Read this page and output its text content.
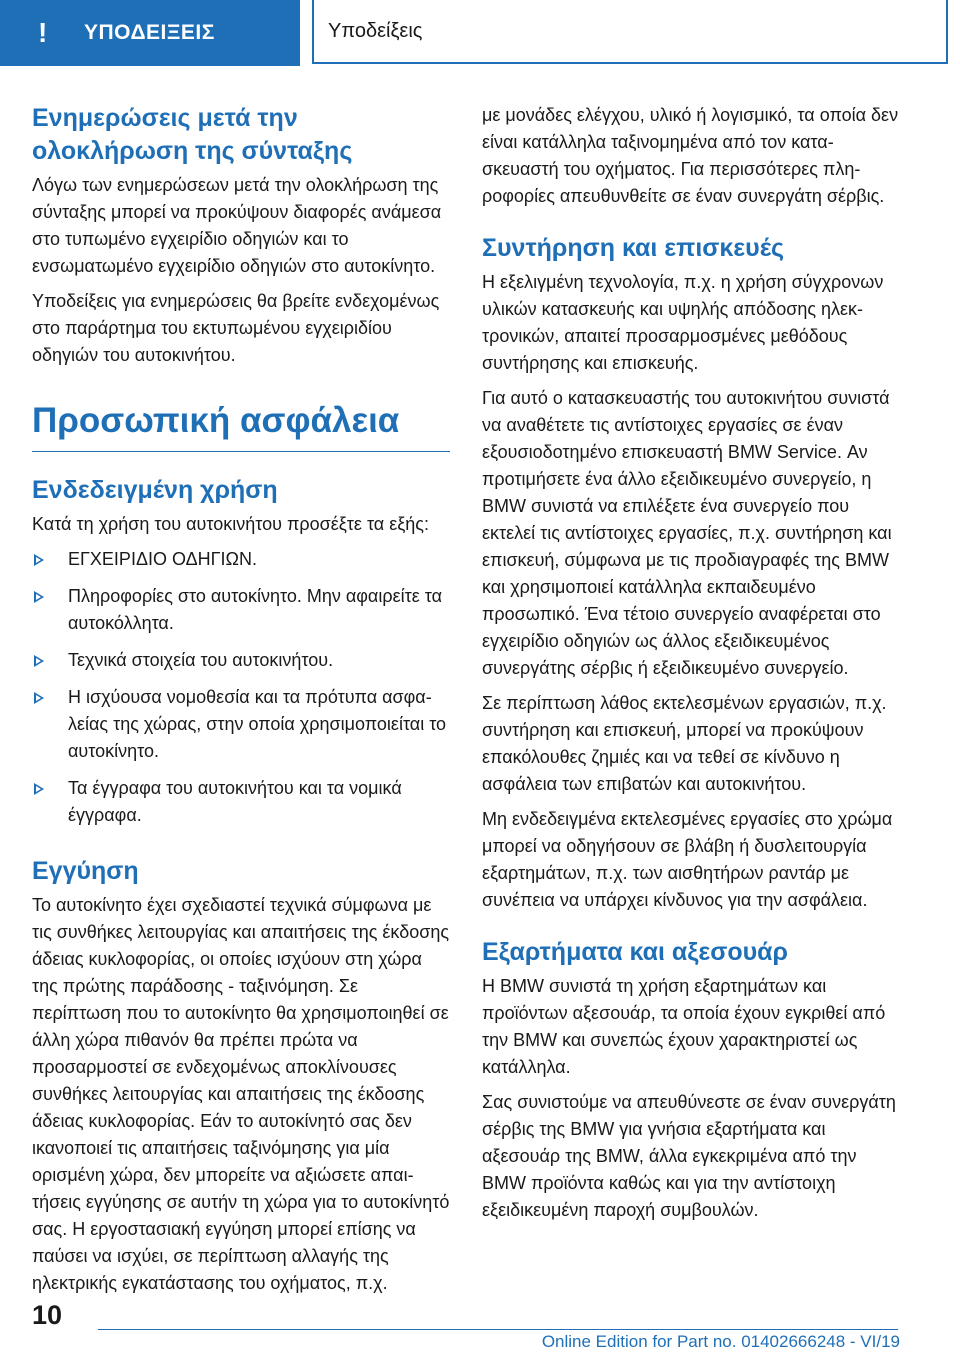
!	ΥΠΟΔΕΙΞΕΙΣ	Υποδείξεις
Ενημερώσεις μετά την ολοκλήρωση της σύνταξης

Λόγω των ενημερώσεων μετά την ολοκλήρωση της σύνταξης μπορεί να προκύψουν διαφορές ανάμεσα στο τυπωμένο εγχειρίδιο οδηγιών και το ενσωματωμένο εγχειρίδιο οδηγιών στο αυτοκίνητο.

Υποδείξεις για ενημερώσεις θα βρείτε ενδεχομένως στο παράρτημα του εκτυπωμένου εγχειριδίου οδηγιών του αυτοκινήτου.

Προσωπική ασφάλεια
Ενδεδειγμένη χρήση

Κατά τη χρήση του αυτοκινήτου προσέξτε τα εξής:

ΕΓΧΕΙΡΙΔΙΟ ΟΔΗΓΙΩΝ.
Πληροφορίες στο αυτοκίνητο. Μην αφαιρείτε τα αυτοκόλλητα.
Τεχνικά στοιχεία του αυτοκινήτου.
Η ισχύουσα νομοθεσία και τα πρότυπα ασφαλείας της χώρας, στην οποία χρησιμοποιείται το αυτοκίνητο.
Τα έγγραφα του αυτοκινήτου και τα νομικά έγγραφα.
Εγγύηση

Το αυτοκίνητο έχει σχεδιαστεί τεχνικά σύμφωνα με τις συνθήκες λειτουργίας και απαιτήσεις της έκδοσης άδειας κυκλοφορίας, οι οποίες ισχύουν στη χώρα της πρώτης παράδοσης - ταξινόμηση. Σε περίπτωση που το αυτοκίνητο θα χρησιμοποιηθεί σε άλλη χώρα πιθανόν θα πρέπει πρώτα να προσαρμοστεί σε ενδεχομένως αποκλίνουσες συνθήκες λειτουργίας και απαιτήσεις της έκδοσης άδειας κυκλοφορίας. Εάν το αυτοκίνητό σας δεν ικανοποιεί τις απαιτήσεις ταξινόμησης για μία ορισμένη χώρα, δεν μπορείτε να αξιώσετε απαιτήσεις εγγύησης σε αυτήν τη χώρα για το αυτοκίνητό σας. Η εργοστασιακή εγγύηση μπορεί επίσης να παύσει να ισχύει, σε περίπτωση αλλαγής της ηλεκτρικής εγκατάστασης του οχήματος, π.χ.

με μονάδες ελέγχου, υλικό ή λογισμικό, τα οποία δεν είναι κατάλληλα ταξινομημένα από τον κατασκευαστή του οχήματος. Για περισσότερες πληροφορίες απευθυνθείτε σε έναν συνεργάτη σέρβις.

Συντήρηση και επισκευές

Η εξελιγμένη τεχνολογία, π.χ. η χρήση σύγχρονων υλικών κατασκευής και υψηλής απόδοσης ηλεκτρονικών, απαιτεί προσαρμοσμένες μεθόδους συντήρησης και επισκευής.

Για αυτό ο κατασκευαστής του αυτοκινήτου συνιστά να αναθέτετε τις αντίστοιχες εργασίες σε έναν εξουσιοδοτημένο επισκευαστή BMW Service. Αν προτιμήσετε ένα άλλο εξειδικευμένο συνεργείο, η BMW συνιστά να επιλέξετε ένα συνεργείο που εκτελεί τις αντίστοιχες εργασίες, π.χ. συντήρηση και επισκευή, σύμφωνα με τις προδιαγραφές της BMW και χρησιμοποιεί κατάλληλα εκπαιδευμένο προσωπικό. Ένα τέτοιο συνεργείο αναφέρεται στο εγχειρίδιο οδηγιών ως άλλος εξειδικευμένος συνεργάτης σέρβις ή εξειδικευμένο συνεργείο.

Σε περίπτωση λάθος εκτελεσμένων εργασιών, π.χ. συντήρηση και επισκευή, μπορεί να προκύψουν επακόλουθες ζημιές και να τεθεί σε κίνδυνο η ασφάλεια των επιβατών και αυτοκινήτου.

Μη ενδεδειγμένα εκτελεσμένες εργασίες στο χρώμα μπορεί να οδηγήσουν σε βλάβη ή δυσλειτουργία εξαρτημάτων, π.χ. των αισθητήρων ραντάρ με συνέπεια να υπάρχει κίνδυνος για την ασφάλεια.

Εξαρτήματα και αξεσουάρ

Η BMW συνιστά τη χρήση εξαρτημάτων και προϊόντων αξεσουάρ, τα οποία έχουν εγκριθεί από την BMW και συνεπώς έχουν χαρακτηριστεί ως κατάλληλα.

Σας συνιστούμε να απευθύνεστε σε έναν συνεργάτη σέρβις της BMW για γνήσια εξαρτήματα και αξεσουάρ της BMW, άλλα εγκεκριμένα από την BMW προϊόντα καθώς και για την αντίστοιχη εξειδικευμένη παροχή συμβουλών.

10
Online Edition for Part no. 01402666248 - VI/19
